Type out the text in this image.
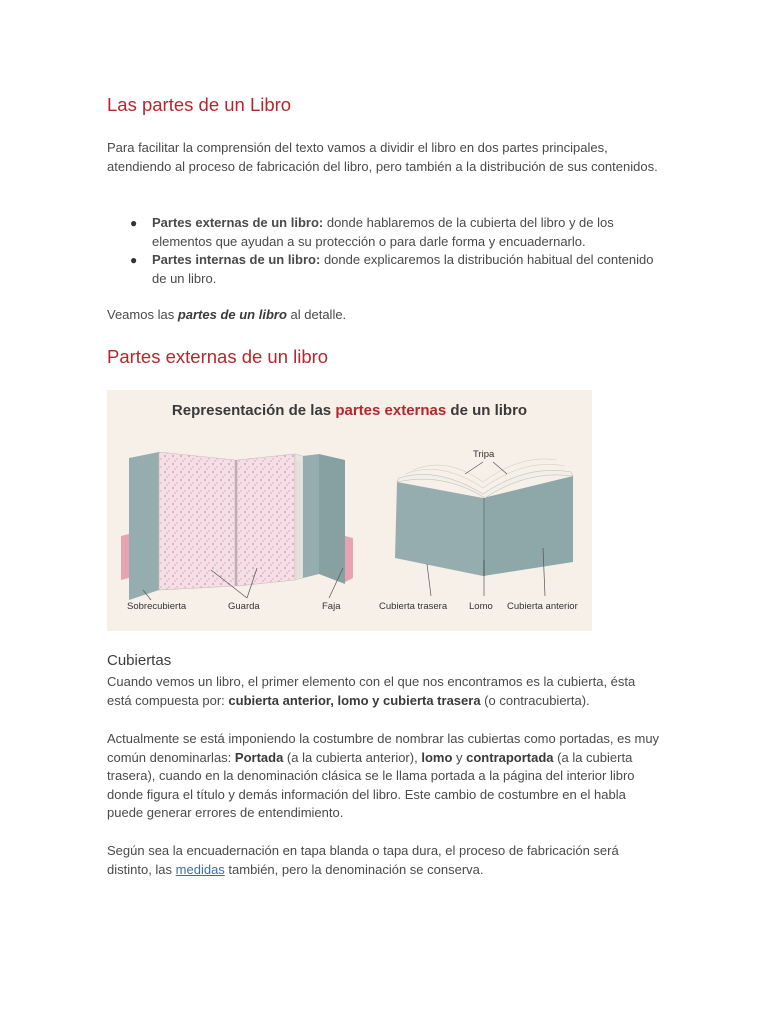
Las partes de un Libro

Para facilitar la comprensión del texto vamos a dividir el libro en dos partes principales, atendiendo al proceso de fabricación del libro, pero también a la distribución de sus contenidos.

● Partes externas de un libro: donde hablaremos de la cubierta del libro y de los elementos que ayudan a su protección o para darle forma y encuadernarlo.
● Partes internas de un libro: donde explicaremos la distribución habitual del contenido de un libro.

Veamos las partes de un libro al detalle.

Partes externas de un libro
Representación de las partes externas de un libro
Sobrecubierta	Guarda	Faja
Tripa
Cubierta trasera Lomo Cubierta anterior
Cubiertas

Cuando vemos un libro, el primer elemento con el que nos encontramos es la cubierta, ésta está compuesta por: cubierta anterior, lomo y cubierta trasera (o contracubierta).

Actualmente se está imponiendo la costumbre de nombrar las cubiertas como portadas, es muy común denominarlas: Portada (a la cubierta anterior), lomo y contraportada (a la cubierta trasera), cuando en la denominación clásica se le llama portada a la página del interior libro donde figura el título y demás información del libro. Este cambio de costumbre en el habla puede generar errores de entendimiento.

Según sea la encuadernación en tapa blanda o tapa dura, el proceso de fabricación será distinto, las medidas también, pero la denominación se conserva.
